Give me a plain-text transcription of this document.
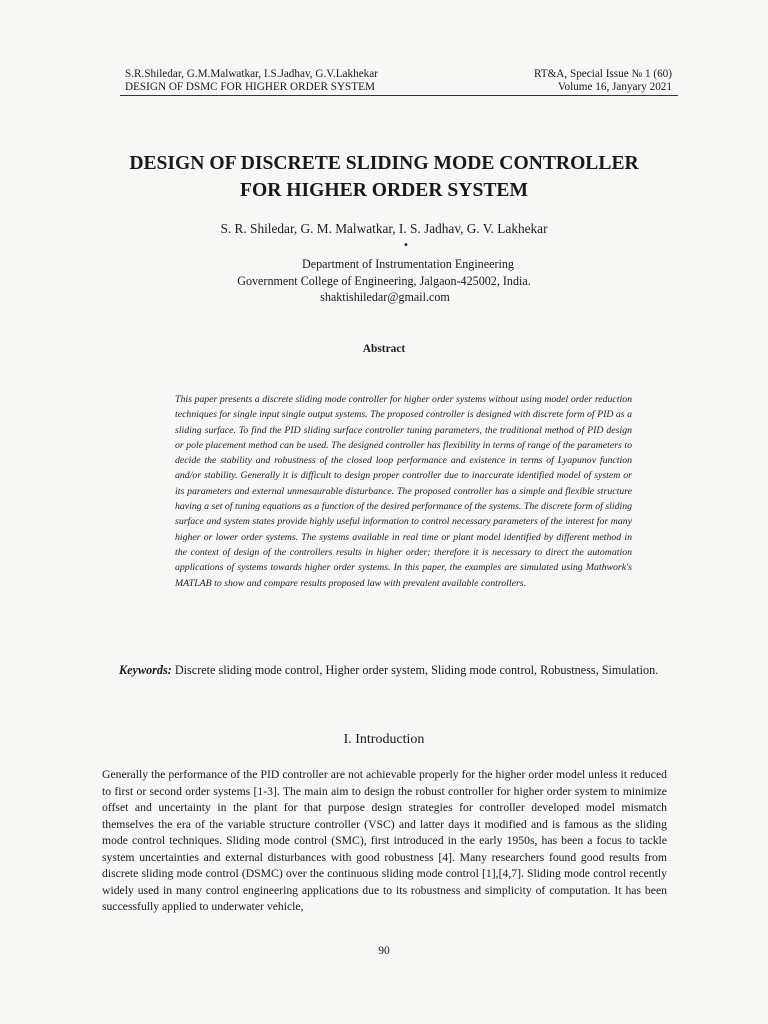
S.R.Shiledar, G.M.Malwatkar, I.S.Jadhav, G.V.Lakhekar
DESIGN OF DSMC FOR HIGHER ORDER SYSTEM
RT&A, Special Issue № 1 (60)
Volume 16, Janyary 2021
DESIGN OF DISCRETE SLIDING MODE CONTROLLER
FOR HIGHER ORDER SYSTEM
S. R. Shiledar, G. M. Malwatkar, I. S. Jadhav, G. V. Lakhekar
•
Department of Instrumentation Engineering
Government College of Engineering, Jalgaon-425002, India.
shaktishiledar@gmail.com
Abstract

This paper presents a discrete sliding mode controller for higher order systems without using model order reduction techniques for single input single output systems. The proposed controller is designed with discrete form of PID as a sliding surface. To find the PID sliding surface controller tuning parameters, the traditional method of PID design or pole placement method can be used. The designed controller has flexibility in terms of range of the parameters to decide the stability and robustness of the closed loop performance and existence in terms of Lyapunov function and/or stability. Generally it is difficult to design proper controller due to inaccurate identified model of system or its parameters and external unmesaurable disturbance. The proposed controller has a simple and flexible structure having a set of tuning equations as a function of the desired performance of the systems. The discrete form of sliding surface and system states provide highly useful information to control necessary parameters of the interest for many higher or lower order systems. The systems available in real time or plant model identified by different method in the context of design of the controllers results in higher order; therefore it is necessary to direct the automation applications of systems towards higher order systems. In this paper, the examples are simulated using Mathwork's MATLAB to show and compare results proposed law with prevalent available controllers.

Keywords: Discrete sliding mode control, Higher order system, Sliding mode control, Robustness, Simulation.

I. Introduction

Generally the performance of the PID controller are not achievable properly for the higher order model unless it reduced to first or second order systems [1-3]. The main aim to design the robust controller for higher order system to minimize offset and uncertainty in the plant for that purpose design strategies for controller developed model mismatch themselves the era of the variable structure controller (VSC) and latter days it modified and is famous as the sliding mode control techniques. Sliding mode control (SMC), first introduced in the early 1950s, has been a focus to tackle system uncertainties and external disturbances with good robustness [4]. Many researchers found good results from discrete sliding mode control (DSMC) over the continuous sliding mode control [1],[4,7]. Sliding mode control recently widely used in many control engineering applications due to its robustness and simplicity of computation. It has been successfully applied to underwater vehicle,

90
